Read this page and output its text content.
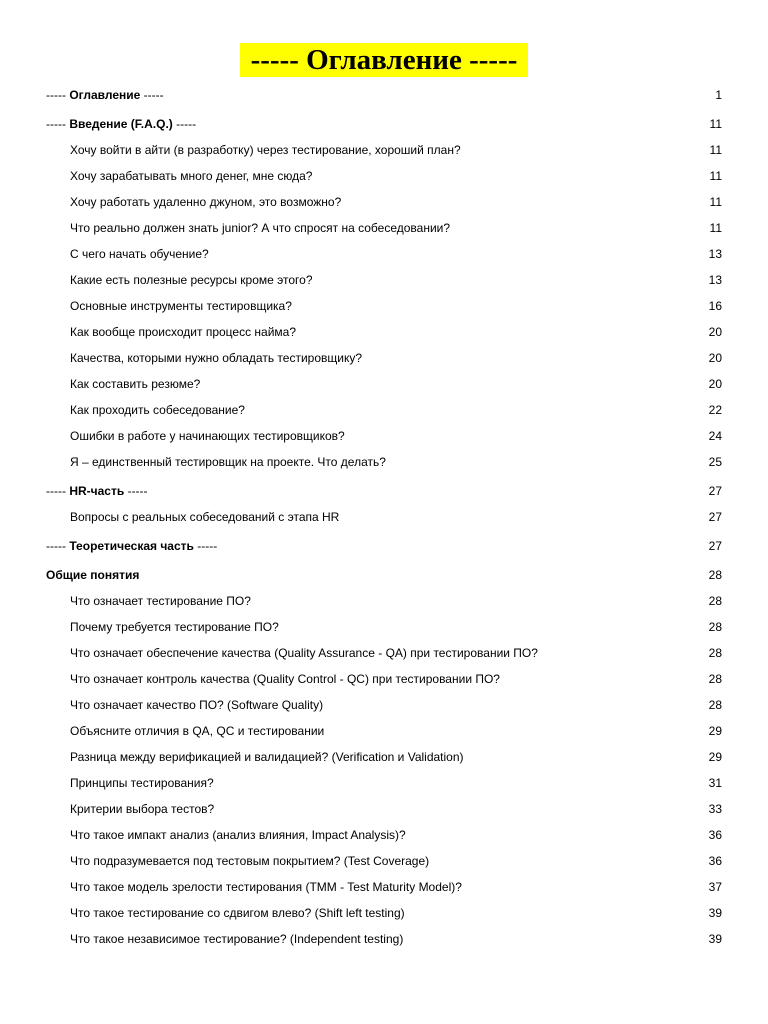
----- Оглавление -----
----- Оглавление -----	1
----- Введение (F.A.Q.) -----	11
Хочу войти в айти (в разработку) через тестирование, хороший план?	11
Хочу зарабатывать много денег, мне сюда?	11
Хочу работать удаленно джуном, это возможно?	11
Что реально должен знать junior? А что спросят на собеседовании?	11
С чего начать обучение?	13
Какие есть полезные ресурсы кроме этого?	13
Основные инструменты тестировщика?	16
Как вообще происходит процесс найма?	20
Качества, которыми нужно обладать тестировщику?	20
Как составить резюме?	20
Как проходить собеседование?	22
Ошибки в работе у начинающих тестировщиков?	24
Я – единственный тестировщик на проекте. Что делать?	25
----- HR-часть -----	27
Вопросы с реальных собеседований с этапа HR	27
----- Теоретическая часть -----	27
Общие понятия	28
Что означает тестирование ПО?	28
Почему требуется тестирование ПО?	28
Что означает обеспечение качества (Quality Assurance - QA) при тестировании ПО?	28
Что означает контроль качества (Quality Control - QC) при тестировании ПО?	28
Что означает качество ПО? (Software Quality)	28
Объясните отличия в QA, QC и тестировании	29
Разница между верификацией и валидацией? (Verification и Validation)	29
Принципы тестирования?	31
Критерии выбора тестов?	33
Что такое импакт анализ (анализ влияния, Impact Analysis)?	36
Что подразумевается под тестовым покрытием? (Test Coverage)	36
Что такое модель зрелости тестирования (TMM - Test Maturity Model)?	37
Что такое тестирование со сдвигом влево? (Shift left testing)	39
Что такое независимое тестирование? (Independent testing)	39
